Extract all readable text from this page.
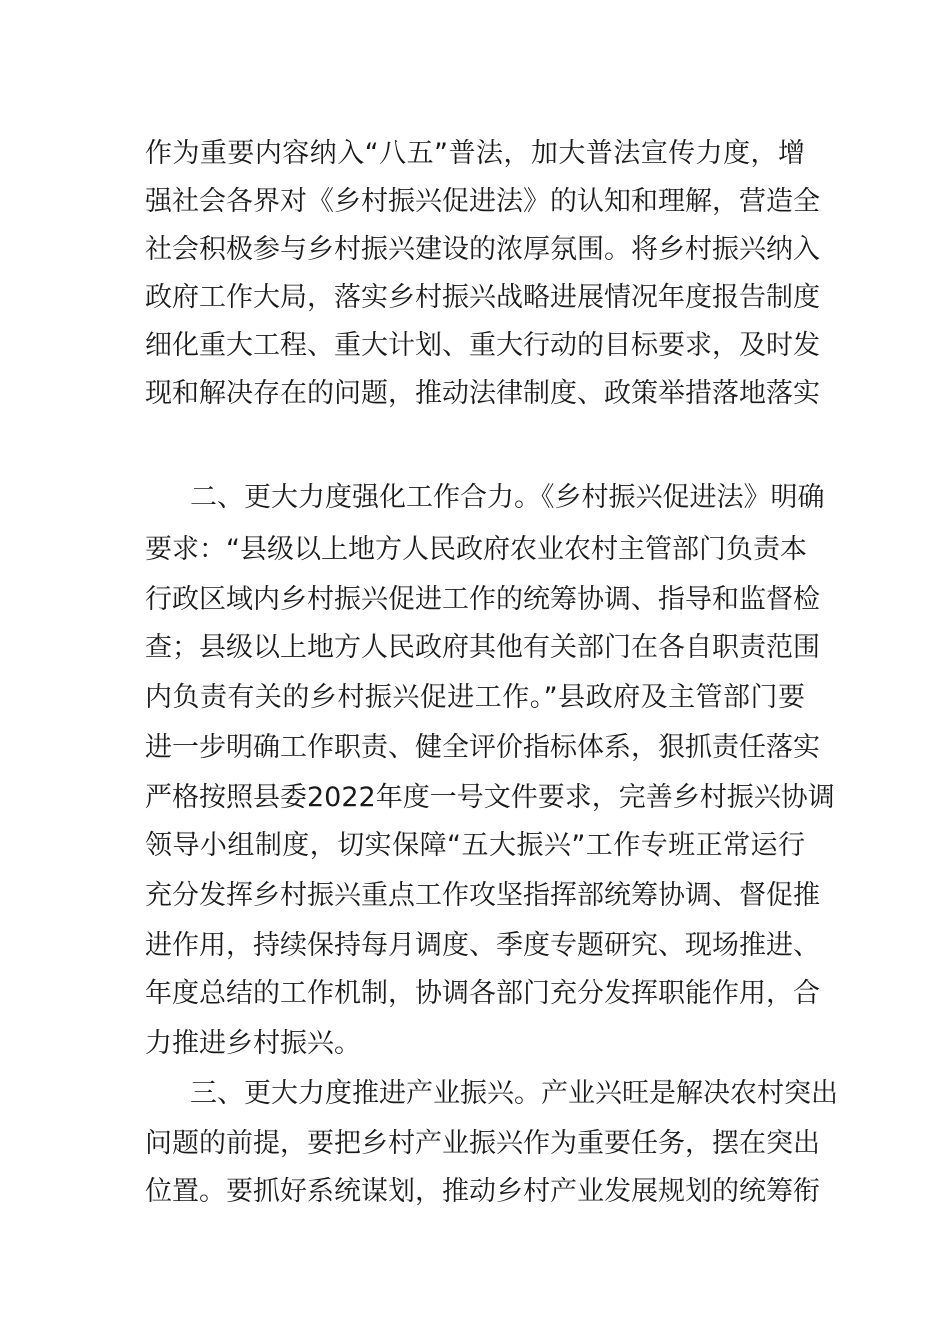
作为重要内容纳入“八五”普法，加大普法宣传力度，增
强社会各界对《乡村振兴促进法》的认知和理解，营造全
社会积极参与乡村振兴建设的浓厚氛围。将乡村振兴纳入
政府工作大局，落实乡村振兴战略进展情况年度报告制度
细化重大工程、重大计划、重大行动的目标要求，及时发
现和解决存在的问题，推动法律制度、政策举措落地落实
二、更大力度强化工作合力。《乡村振兴促进法》明确
要求：“县级以上地方人民政府农业农村主管部门负责本
行政区域内乡村振兴促进工作的统筹协调、指导和监督检
查；县级以上地方人民政府其他有关部门在各自职责范围
内负责有关的乡村振兴促进工作。”县政府及主管部门要
进一步明确工作职责、健全评价指标体系，狠抓责任落实
严格按照县委2022年度一号文件要求，完善乡村振兴协调
领导小组制度，切实保障“五大振兴”工作专班正常运行
充分发挥乡村振兴重点工作攻坚指挥部统筹协调、督促推
进作用，持续保持每月调度、季度专题研究、现场推进、
年度总结的工作机制，协调各部门充分发挥职能作用，合
力推进乡村振兴。
三、更大力度推进产业振兴。产业兴旺是解决农村突出
问题的前提，要把乡村产业振兴作为重要任务，摆在突出
位置。要抓好系统谋划，推动乡村产业发展规划的统筹衔
